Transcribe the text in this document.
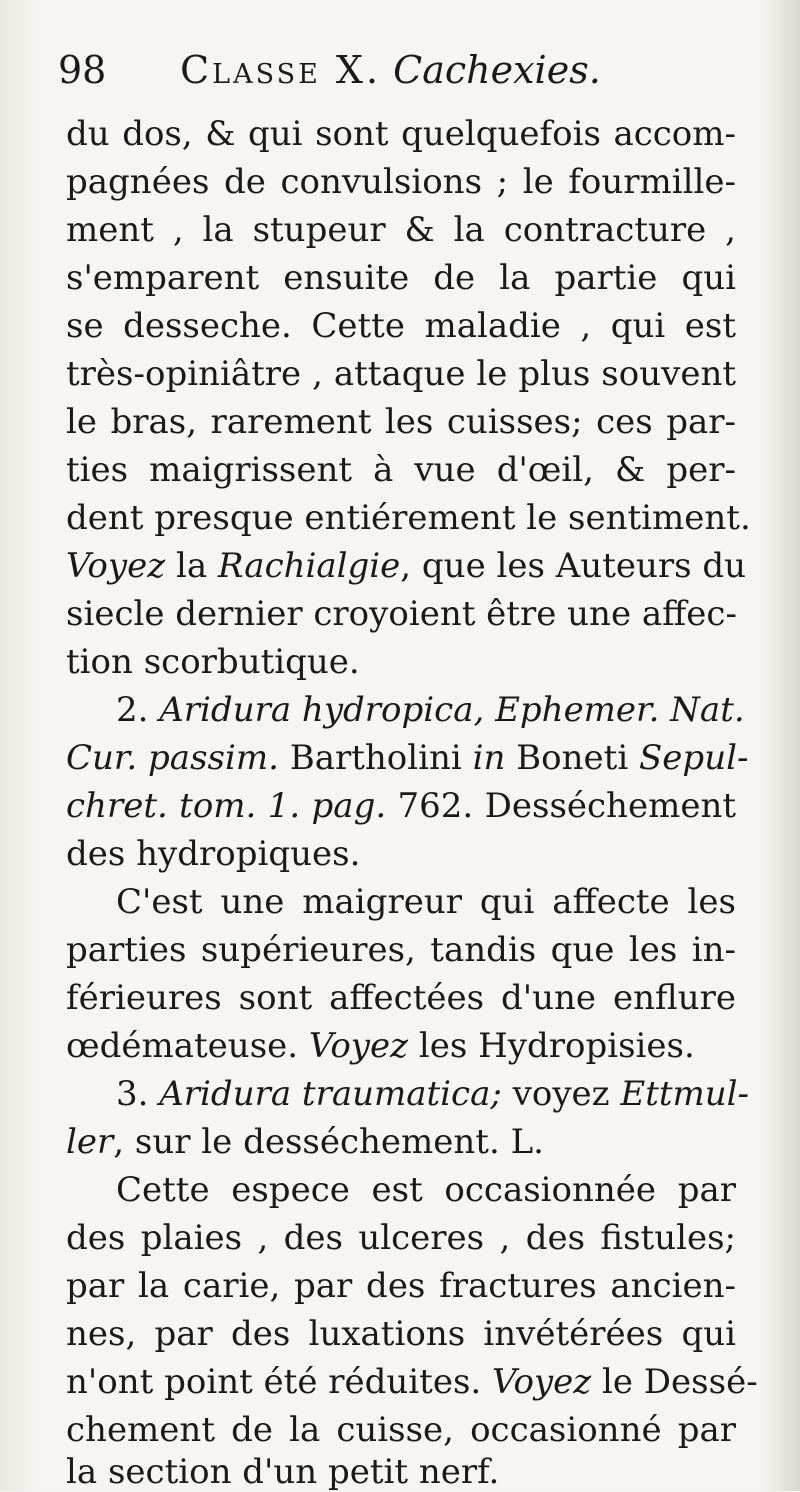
98 Classe X. Cachexies.
du dos, & qui sont quelquefois accom-
pagnées de convulsions ; le fourmille-
ment , la stupeur & la contracture ,
s'emparent ensuite de la partie qui
se desseche. Cette maladie , qui est
très-opiniâtre , attaque le plus souvent
le bras, rarement les cuisses; ces par-
ties maigrissent à vue d'œil, & per-
dent presque entiérement le sentiment.
Voyez la Rachialgie, que les Auteurs du
siecle dernier croyoient être une affec-
tion scorbutique.
2. Aridura hydropica, Ephemer. Nat.
Cur. passim. Bartholini in Boneti Sepul-
chret. tom. 1. pag. 762. Desséchement
des hydropiques.
C'est une maigreur qui affecte les
parties supérieures, tandis que les in-
férieures sont affectées d'une enflure
œdémateuse. Voyez les Hydropisies.
3. Aridura traumatica; voyez Ettmul-
ler, sur le desséchement. L.
Cette espece est occasionnée par
des plaies , des ulceres , des fistules;
par la carie, par des fractures ancien-
nes, par des luxations invétérées qui
n'ont point été réduites. Voyez le Dessé-
chement de la cuisse, occasionné par
la section d'un petit nerf.
